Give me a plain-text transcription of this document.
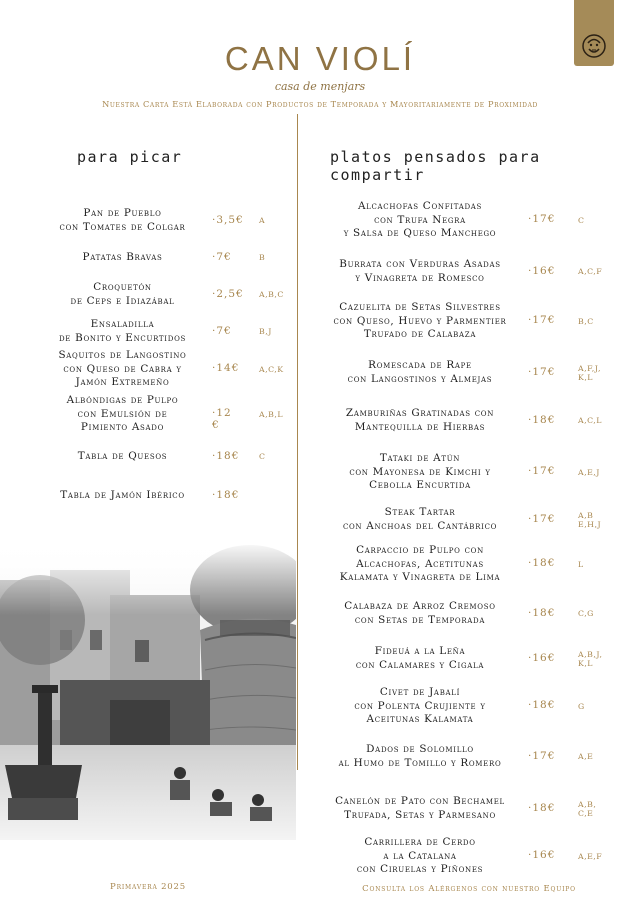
CAN VIOLÍ
casa de menjars
Nuestra Carta Está Elaborada con Productos de Temporada y Mayoritariamente de Proximidad
para picar	platos pensados para compartir
Pan de Pueblo
con Tomates de Colgar
·3,5€ A
Patatas Bravas	·7€	B
Croquetón
de Ceps e Idiazábal
·2,5€ A,B,C
Ensaladilla
de Bonito y Encurtidos
·7€	B,J
Saquitos de Langostino
con Queso de Cabra y
Jamón Extremeño
·14€	A,C,K
Albóndigas de Pulpo
con Emulsión de
Pimiento Asado
·12 €
A,B,L
Tabla de Quesos	·18€	C
Tabla de Jamón Ibérico	·18€
Alcachofas Confitadas
con Trufa Negra
y Salsa de Queso Manchego
·17€	C
Burrata con Verduras Asadas
y Vinagreta de Romesco
·16€	A,C,F
Cazuelita de Setas Silvestres
con Queso, Huevo y Parmentier
Trufado de Calabaza
·17€	B,C
Romescada de Rape
con Langostinos y Almejas
·17€	A,F,J,
K,L
Zamburiñas Gratinadas con
Mantequilla de Hierbas
·18€	A,C,L
Tataki de Atún
con Mayonesa de Kimchi y
Cebolla Encurtida
·17€	A,E,J
Steak Tartar
con Anchoas del Cantábrico
·17€	A,B
E,H,J
Carpaccio de Pulpo con
Alcachofas, Acetitunas
Kalamata y Vinagreta de Lima
·18€	L
Calabaza de Arroz Cremoso
con Setas de Temporada
·18€	C,G
Fideuá a la Leña
con Calamares y Cigala
·16€	A,B,J,
K,L
Civet de Jabalí
con Polenta Crujiente y
Aceitunas Kalamata
·18€	G
Dados de Solomillo
al Humo de Tomillo y Romero
·17€	A,E
Canelón de Pato con Bechamel
Trufada, Setas y Parmesano
·18€	A,B,
C,E
Carrillera de Cerdo
a la Catalana
con Ciruelas y Piñones
·16€	A,E,F
Primavera 2025	Consulta los Alérgenos con nuestro Equipo
